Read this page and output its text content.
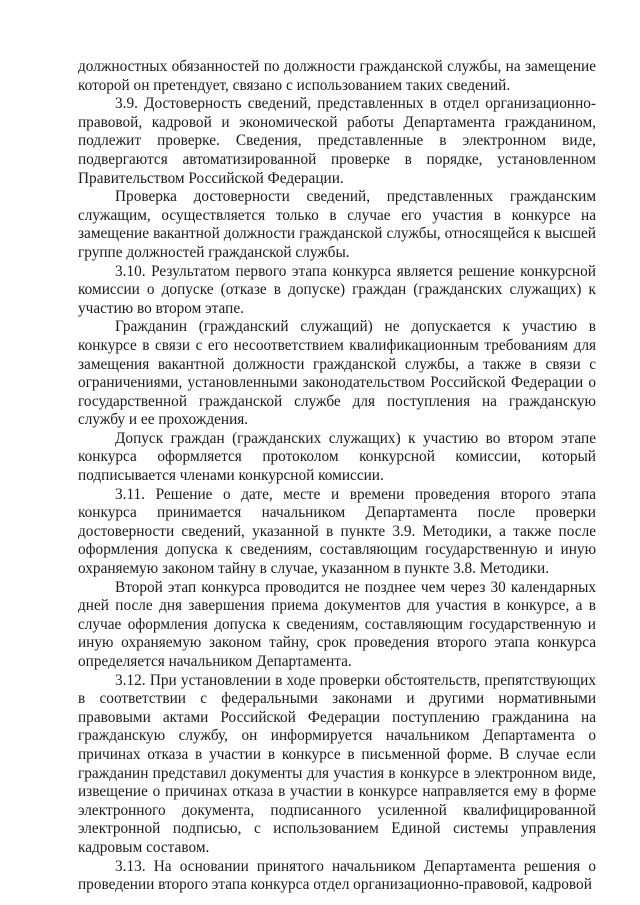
должностных обязанностей по должности гражданской службы, на замещение которой он претендует, связано с использованием таких сведений.

3.9. Достоверность сведений, представленных в отдел организационно-правовой, кадровой и экономической работы Департамента гражданином, подлежит проверке. Сведения, представленные в электронном виде, подвергаются автоматизированной проверке в порядке, установленном Правительством Российской Федерации.

Проверка достоверности сведений, представленных гражданским служащим, осуществляется только в случае его участия в конкурсе на замещение вакантной должности гражданской службы, относящейся к высшей группе должностей гражданской службы.

3.10. Результатом первого этапа конкурса является решение конкурсной комиссии о допуске (отказе в допуске) граждан (гражданских служащих) к участию во втором этапе.

Гражданин (гражданский служащий) не допускается к участию в конкурсе в связи с его несоответствием квалификационным требованиям для замещения вакантной должности гражданской службы, а также в связи с ограничениями, установленными законодательством Российской Федерации о государственной гражданской службе для поступления на гражданскую службу и ее прохождения.

Допуск граждан (гражданских служащих) к участию во втором этапе конкурса оформляется протоколом конкурсной комиссии, который подписывается членами конкурсной комиссии.

3.11. Решение о дате, месте и времени проведения второго этапа конкурса принимается начальником Департамента после проверки достоверности сведений, указанной в пункте 3.9. Методики, а также после оформления допуска к сведениям, составляющим государственную и иную охраняемую законом тайну в случае, указанном в пункте 3.8. Методики.

Второй этап конкурса проводится не позднее чем через 30 календарных дней после дня завершения приема документов для участия в конкурсе, а в случае оформления допуска к сведениям, составляющим государственную и иную охраняемую законом тайну, срок проведения второго этапа конкурса определяется начальником Департамента.

3.12. При установлении в ходе проверки обстоятельств, препятствующих в соответствии с федеральными законами и другими нормативными правовыми актами Российской Федерации поступлению гражданина на гражданскую службу, он информируется начальником Департамента о причинах отказа в участии в конкурсе в письменной форме. В случае если гражданин представил документы для участия в конкурсе в электронном виде, извещение о причинах отказа в участии в конкурсе направляется ему в форме электронного документа, подписанного усиленной квалифицированной электронной подписью, с использованием Единой системы управления кадровым составом.

3.13. На основании принятого начальником Департамента решения о проведении второго этапа конкурса отдел организационно-правовой, кадровой
